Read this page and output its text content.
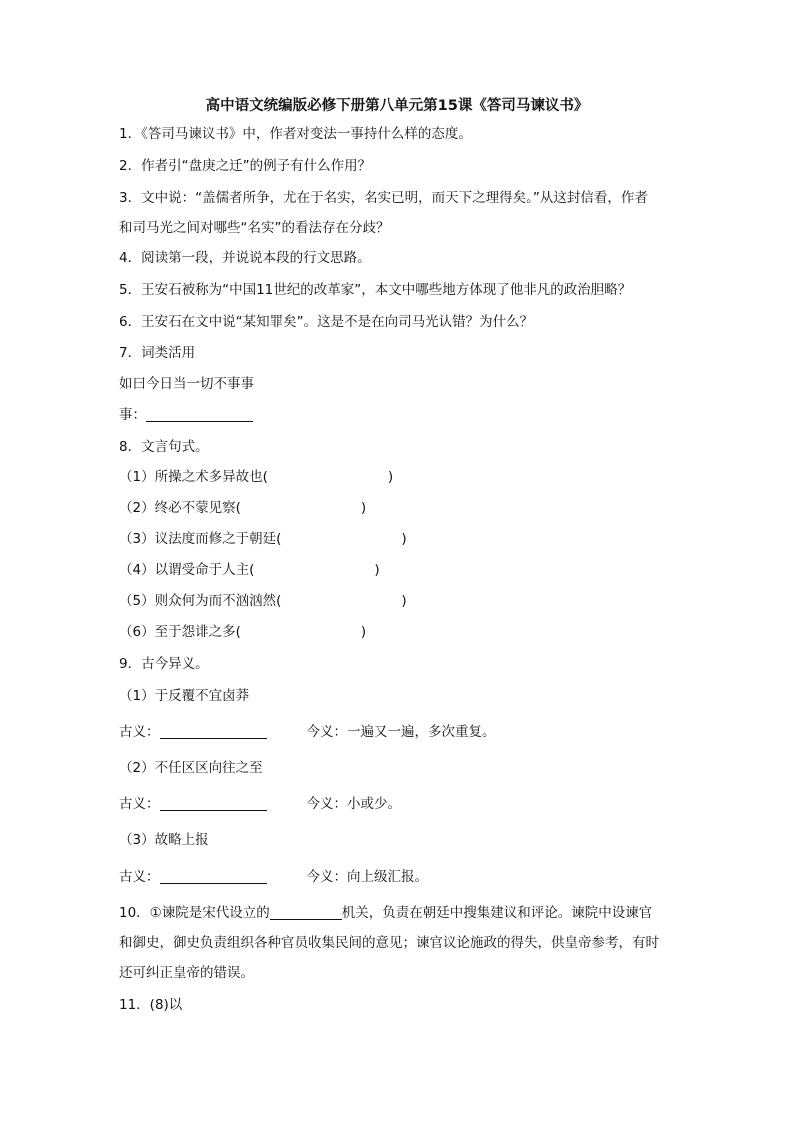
高中语文统编版必修下册第八单元第15课《答司马谏议书》
1．《答司马谏议书》中，作者对变法一事持什么样的态度。
2．作者引“盘庚之迁”的例子有什么作用？
3．文中说：“盖儒者所争，尤在于名实，名实已明，而天下之理得矣。”从这封信看，作者
和司马光之间对哪些“名实”的看法存在分歧？
4．阅读第一段，并说说本段的行文思路。
5．王安石被称为“中国11世纪的改革家”，本文中哪些地方体现了他非凡的政治胆略？
6．王安石在文中说“某知罪矣”。这是不是在向司马光认错？为什么？
7．词类活用
如曰今日当一切不事事
事：
8．文言句式。
（1）所操之术多异故也(	)
（2）终必不蒙见察(	)
（3）议法度而修之于朝廷(	)
（4）以谓受命于人主(	)
（5）则众何为而不汹汹然(	)
（6）至于怨诽之多(	)
9．古今异义。
（1）于反覆不宜卤莽
古义：	今义：一遍又一遍，多次重复。
（2）不任区区向往之至
古义：	今义：小或少。
（3）故略上报
古义：	今义：向上级汇报。
10．①谏院是宋代设立的	机关，负责在朝廷中搜集建议和评论。谏院中设谏官
和御史，御史负责组织各种官员收集民间的意见；谏官议论施政的得失，供皇帝参考，有时
还可纠正皇帝的错误。
11．(8)以
